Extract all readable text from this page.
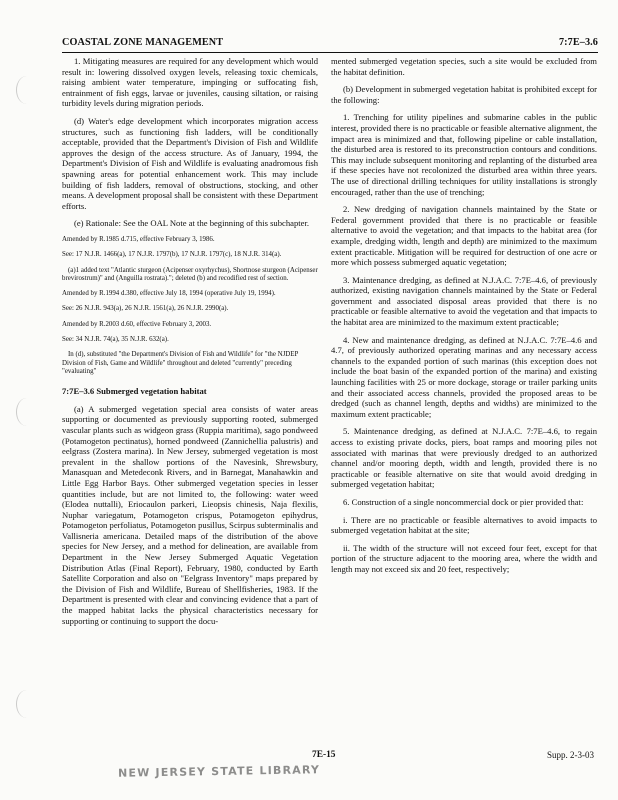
COASTAL ZONE MANAGEMENT	7:7E–3.6

1. Mitigating measures are required for any development which would result in: lowering dissolved oxygen levels, releasing toxic chemicals, raising ambient water temperature, impinging or suffocating fish, entrainment of fish eggs, larvae or juveniles, causing siltation, or raising turbidity levels during migration periods.

(d) Water's edge development which incorporates migration access structures, such as functioning fish ladders, will be conditionally acceptable, provided that the Department's Division of Fish and Wildlife approves the design of the access structure. As of January, 1994, the Department's Division of Fish and Wildlife is evaluating anadromous fish spawning areas for potential enhancement work. This may include building of fish ladders, removal of obstructions, stocking, and other means. A development proposal shall be consistent with these Department efforts.

(e) Rationale: See the OAL Note at the beginning of this subchapter.

Amended by R.1985 d.715, effective February 3, 1986.

See: 17 N.J.R. 1466(a), 17 N.J.R. 1797(b), 17 N.J.R. 1797(c), 18 N.J.R. 314(a).

(a)1 added text "Atlantic sturgeon (Acipenser oxyrhychus), Shortnose sturgeon (Acipenser brevirostrum)" and (Anguilla rostrata)."; deleted (b) and recodified rest of section.

Amended by R.1994 d.380, effective July 18, 1994 (operative July 19, 1994).

See: 26 N.J.R. 943(a), 26 N.J.R. 1561(a), 26 N.J.R. 2990(a).

Amended by R.2003 d.60, effective February 3, 2003.

See: 34 N.J.R. 74(a), 35 N.J.R. 632(a).

In (d), substituted "the Department's Division of Fish and Wildlife" for "the NJDEP Division of Fish, Game and Wildlife" throughout and deleted "currently" preceding "evaluating"

7:7E–3.6 Submerged vegetation habitat

(a) A submerged vegetation special area consists of water areas supporting or documented as previously supporting rooted, submerged vascular plants such as widgeon grass (Ruppia maritima), sago pondweed (Potamogeton pectinatus), horned pondweed (Zannichellia palustris) and eelgrass (Zostera marina). In New Jersey, submerged vegetation is most prevalent in the shallow portions of the Navesink, Shrewsbury, Manasquan and Metedeconk Rivers, and in Barnegat, Manahawkin and Little Egg Harbor Bays. Other submerged vegetation species in lesser quantities include, but are not limited to, the following: water weed (Elodea nuttalli), Eriocaulon parkeri, Lieopsis chinesis, Naja flexilis, Nuphar variegatum, Potamogeton crispus, Potamogeton epihydrus, Potamogeton perfoliatus, Potamogeton pusillus, Scirpus subterminalis and Vallisneria americana. Detailed maps of the distribution of the above species for New Jersey, and a method for delineation, are available from Department in the New Jersey Submerged Aquatic Vegetation Distribution Atlas (Final Report), February, 1980, conducted by Earth Satellite Corporation and also on "Eelgrass Inventory" maps prepared by the Division of Fish and Wildlife, Bureau of Shellfisheries, 1983. If the Department is presented with clear and convincing evidence that a part of the mapped habitat lacks the physical characteristics necessary for supporting or continuing to support the docu-

mented submerged vegetation species, such a site would be excluded from the habitat definition.

(b) Development in submerged vegetation habitat is prohibited except for the following:

1. Trenching for utility pipelines and submarine cables in the public interest, provided there is no practicable or feasible alternative alignment, the impact area is minimized and that, following pipeline or cable installation, the disturbed area is restored to its preconstruction contours and conditions. This may include subsequent monitoring and replanting of the disturbed area if these species have not recolonized the disturbed area within three years. The use of directional drilling techniques for utility installations is strongly encouraged, rather than the use of trenching;

2. New dredging of navigation channels maintained by the State or Federal government provided that there is no practicable or feasible alternative to avoid the vegetation; and that impacts to the habitat area (for example, dredging width, length and depth) are minimized to the maximum extent practicable. Mitigation will be required for destruction of one acre or more which possess submerged aquatic vegetation;

3. Maintenance dredging, as defined at N.J.A.C. 7:7E–4.6, of previously authorized, existing navigation channels maintained by the State or Federal government and associated disposal areas provided that there is no practicable or feasible alternative to avoid the vegetation and that impacts to the habitat area are minimized to the maximum extent practicable;

4. New and maintenance dredging, as defined at N.J.A.C. 7:7E–4.6 and 4.7, of previously authorized operating marinas and any necessary access channels to the expanded portion of such marinas (this exception does not include the boat basin of the expanded portion of the marina) and existing launching facilities with 25 or more dockage, storage or trailer parking units and their associated access channels, provided the proposed areas to be dredged (such as channel length, depths and widths) are minimized to the maximum extent practicable;

5. Maintenance dredging, as defined at N.J.A.C. 7:7E–4.6, to regain access to existing private docks, piers, boat ramps and mooring piles not associated with marinas that were previously dredged to an authorized channel and/or mooring depth, width and length, provided there is no practicable or feasible alternative on site that would avoid dredging in submerged vegetation habitat;

6. Construction of a single noncommercial dock or pier provided that:

i. There are no practicable or feasible alternatives to avoid impacts to submerged vegetation habitat at the site;

ii. The width of the structure will not exceed four feet, except for that portion of the structure adjacent to the mooring area, where the width and length may not exceed six and 20 feet, respectively;

7E-15	Supp. 2-3-03
NEW JERSEY STATE LIBRARY
